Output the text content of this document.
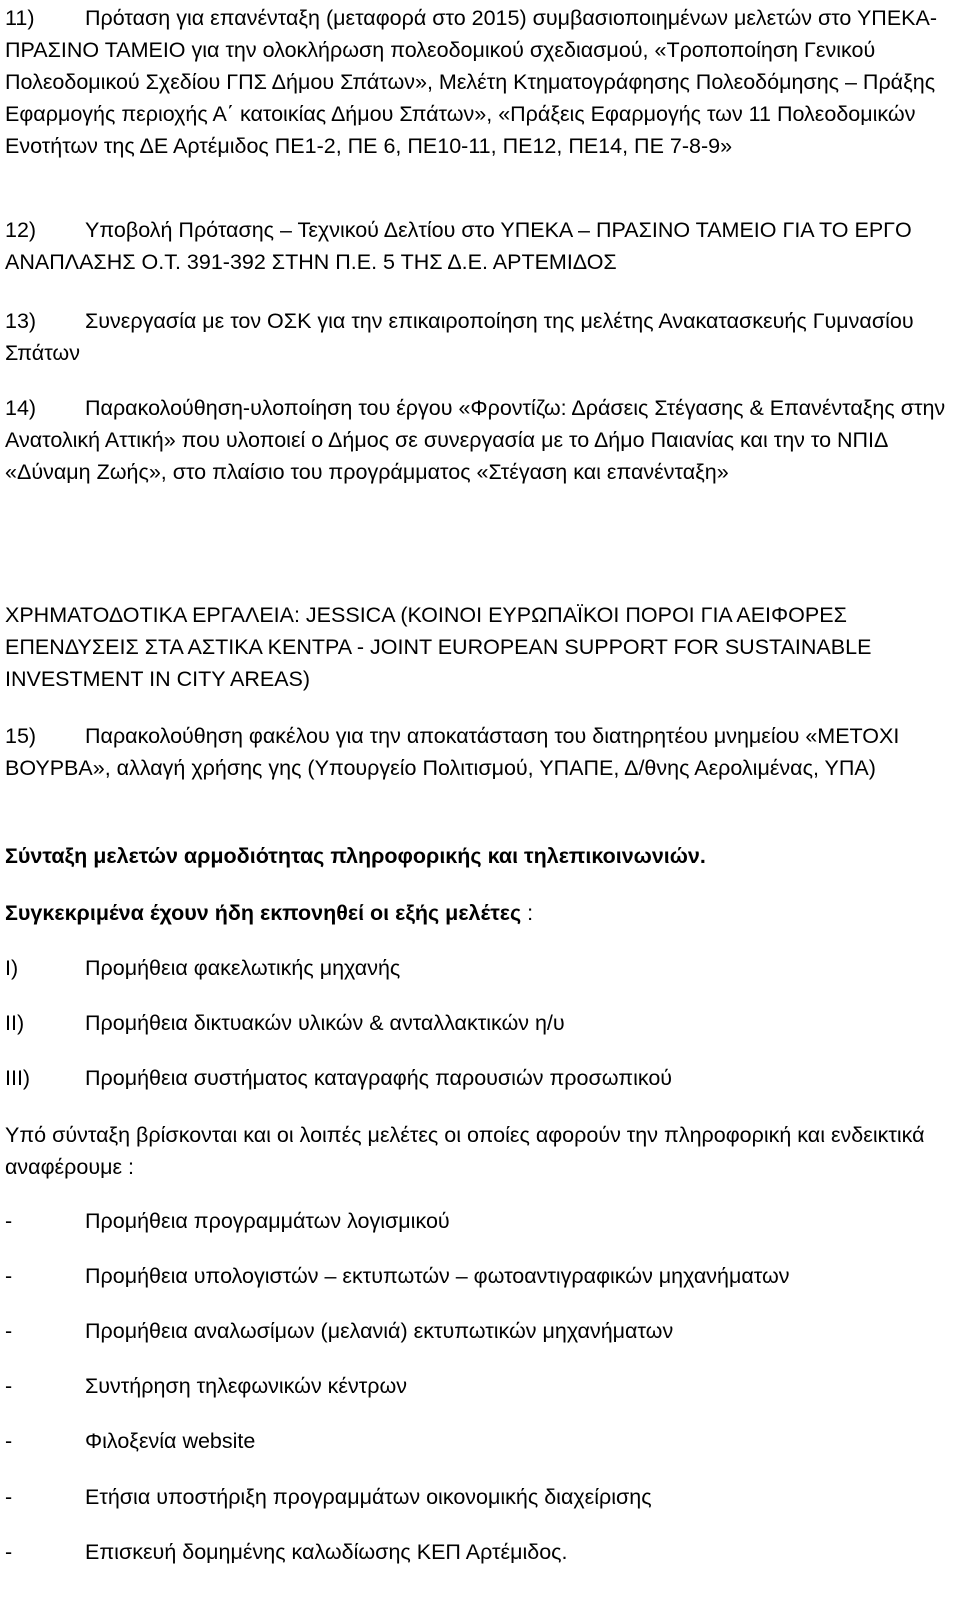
11) Πρόταση για επανένταξη (μεταφορά στο 2015) συμβασιοποιημένων μελετών στο ΥΠΕΚΑ-ΠΡΑΣΙΝΟ ΤΑΜΕΙΟ για την ολοκλήρωση πολεοδομικού σχεδιασμού, «Τροποποίηση Γενικού Πολεοδομικού Σχεδίου ΓΠΣ Δήμου Σπάτων», Μελέτη Κτηματογράφησης Πολεοδόμησης – Πράξης Εφαρμογής περιοχής Α΄ κατοικίας Δήμου Σπάτων», «Πράξεις Εφαρμογής των 11 Πολεοδομικών Ενοτήτων της ΔΕ Αρτέμιδος ΠΕ1-2, ΠΕ 6, ΠΕ10-11, ΠΕ12, ΠΕ14, ΠΕ 7-8-9»

12) Υποβολή Πρότασης – Τεχνικού Δελτίου στο ΥΠΕΚΑ – ΠΡΑΣΙΝΟ ΤΑΜΕΙΟ ΓΙΑ ΤΟ ΕΡΓΟ ΑΝΑΠΛΑΣΗΣ Ο.Τ. 391-392 ΣΤΗΝ Π.Ε. 5 ΤΗΣ Δ.Ε. ΑΡΤΕΜΙΔΟΣ

13) Συνεργασία με τον ΟΣΚ για την επικαιροποίηση της μελέτης Ανακατασκευής Γυμνασίου Σπάτων

14) Παρακολούθηση-υλοποίηση του έργου «Φροντίζω: Δράσεις Στέγασης & Επανένταξης στην Ανατολική Αττική» που υλοποιεί ο Δήμος σε συνεργασία με το Δήμο Παιανίας και την το ΝΠΙΔ «Δύναμη Ζωής», στο πλαίσιο του προγράμματος «Στέγαση και επανένταξη»

ΧΡΗΜΑΤΟΔΟΤΙΚΑ ΕΡΓΑΛΕΙΑ: JESSICA (ΚΟΙΝΟΙ ΕΥΡΩΠΑΪΚΟΙ ΠΟΡΟΙ ΓΙΑ ΑΕΙΦΟΡΕΣ ΕΠΕΝΔΥΣΕΙΣ ΣΤΑ ΑΣΤΙΚΑ ΚΕΝΤΡΑ - JOINT EUROPEAN SUPPORT FOR SUSTAINABLE INVESTMENT IN CITY AREAS)

15) Παρακολούθηση φακέλου για την αποκατάσταση του διατηρητέου μνημείου «ΜΕΤΟΧΙ ΒΟΥΡΒΑ», αλλαγή χρήσης γης (Υπουργείο Πολιτισμού, ΥΠΑΠΕ, Δ/θνης Αερολιμένας, ΥΠΑ)

Σύνταξη μελετών αρμοδιότητας πληροφορικής και τηλεπικοινωνιών.
Συγκεκριμένα έχουν ήδη εκπονηθεί οι εξής μελέτες :
I)	Προμήθεια φακελωτικής μηχανής
II)	Προμήθεια δικτυακών υλικών & ανταλλακτικών η/υ
III)	Προμήθεια συστήματος καταγραφής παρουσιών προσωπικού
Υπό σύνταξη βρίσκονται και οι λοιπές μελέτες οι οποίες αφορούν την πληροφορική και ενδεικτικά αναφέρουμε :
-	Προμήθεια προγραμμάτων λογισμικού
-	Προμήθεια υπολογιστών – εκτυπωτών – φωτοαντιγραφικών μηχανήματων
-	Προμήθεια αναλωσίμων (μελανιά) εκτυπωτικών μηχανήματων
-	Συντήρηση τηλεφωνικών κέντρων
-	Φιλοξενία website
-	Ετήσια υποστήριξη προγραμμάτων οικονομικής διαχείρισης
-	Επισκευή δομημένης καλωδίωσης ΚΕΠ Αρτέμιδος.
